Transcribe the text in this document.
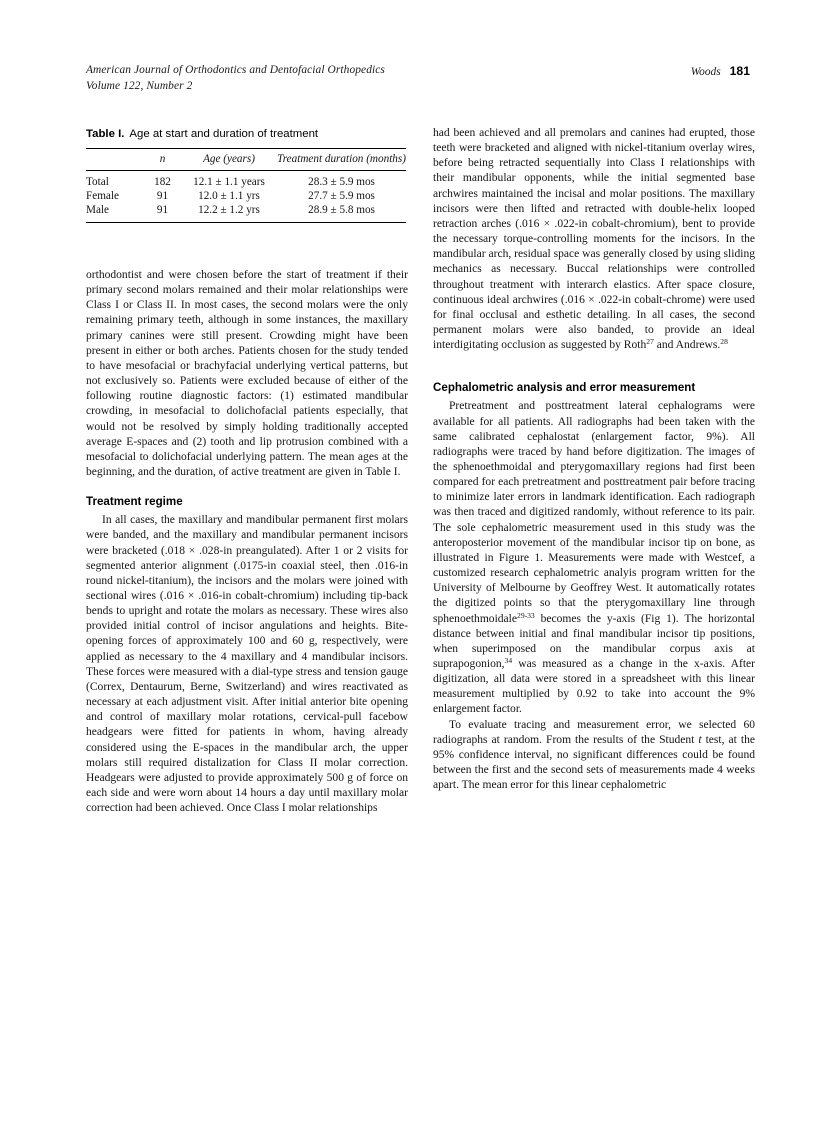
American Journal of Orthodontics and Dentofacial Orthopedics
Volume 122, Number 2
Woods 181
Table I. Age at start and duration of treatment
	n	Age (years)	Treatment duration (months)
Total	182	12.1 ± 1.1 years	28.3 ± 5.9 mos
Female	91	12.0 ± 1.1 yrs	27.7 ± 5.9 mos
Male	91	12.2 ± 1.2 yrs	28.9 ± 5.8 mos

orthodontist and were chosen before the start of treatment if their primary second molars remained and their molar relationships were Class I or Class II. In most cases, the second molars were the only remaining primary teeth, although in some instances, the maxillary primary canines were still present. Crowding might have been present in either or both arches. Patients chosen for the study tended to have mesofacial or brachyfacial underlying vertical patterns, but not exclusively so. Patients were excluded because of either of the following routine diagnostic factors: (1) estimated mandibular crowding, in mesofacial to dolichofacial patients especially, that would not be resolved by simply holding traditionally accepted average E-spaces and (2) tooth and lip protrusion combined with a mesofacial to dolichofacial underlying pattern. The mean ages at the beginning, and the duration, of active treatment are given in Table I.

Treatment regime

In all cases, the maxillary and mandibular permanent first molars were banded, and the maxillary and mandibular permanent incisors were bracketed (.018 × .028-in preangulated). After 1 or 2 visits for segmented anterior alignment (.0175-in coaxial steel, then .016-in round nickel-titanium), the incisors and the molars were joined with sectional wires (.016 × .016-in cobalt-chromium) including tip-back bends to upright and rotate the molars as necessary. These wires also provided initial control of incisor angulations and heights. Bite-opening forces of approximately 100 and 60 g, respectively, were applied as necessary to the 4 maxillary and 4 mandibular incisors. These forces were measured with a dial-type stress and tension gauge (Correx, Dentaurum, Berne, Switzerland) and wires reactivated as necessary at each adjustment visit. After initial anterior bite opening and control of maxillary molar rotations, cervical-pull facebow headgears were fitted for patients in whom, having already considered using the E-spaces in the mandibular arch, the upper molars still required distalization for Class II molar correction. Headgears were adjusted to provide approximately 500 g of force on each side and were worn about 14 hours a day until maxillary molar correction had been achieved. Once Class I molar relationships

had been achieved and all premolars and canines had erupted, those teeth were bracketed and aligned with nickel-titanium overlay wires, before being retracted sequentially into Class I relationships with their mandibular opponents, while the initial segmented base archwires maintained the incisal and molar positions. The maxillary incisors were then lifted and retracted with double-helix looped retraction arches (.016 × .022-in cobalt-chromium), bent to provide the necessary torque-controlling moments for the incisors. In the mandibular arch, residual space was generally closed by using sliding mechanics as necessary. Buccal relationships were controlled throughout treatment with interarch elastics. After space closure, continuous ideal archwires (.016 × .022-in cobalt-chrome) were used for final occlusal and esthetic detailing. In all cases, the second permanent molars were also banded, to provide an ideal interdigitating occlusion as suggested by Roth$^{27}$ and Andrews.$^{28}$

Cephalometric analysis and error measurement

Pretreatment and posttreatment lateral cephalograms were available for all patients. All radiographs had been taken with the same calibrated cephalostat (enlargement factor, 9%). All radiographs were traced by hand before digitization. The images of the sphenoethmoidal and pterygomaxillary regions had first been compared for each pretreatment and posttreatment pair before tracing to minimize later errors in landmark identification. Each radiograph was then traced and digitized randomly, without reference to its pair. The sole cephalometric measurement used in this study was the anteroposterior movement of the mandibular incisor tip on bone, as illustrated in Figure 1. Measurements were made with Westcef, a customized research cephalometric analyis program written for the University of Melbourne by Geoffrey West. It automatically rotates the digitized points so that the pterygomaxillary line through sphenoethmoidale$^{29-33}$ becomes the y-axis (Fig 1). The horizontal distance between initial and final mandibular incisor tip positions, when superimposed on the mandibular corpus axis at suprapogonion,$^{34}$ was measured as a change in the x-axis. After digitization, all data were stored in a spreadsheet with this linear measurement multiplied by 0.92 to take into account the 9% enlargement factor.

To evaluate tracing and measurement error, we selected 60 radiographs at random. From the results of the Student t test, at the 95% confidence interval, no significant differences could be found between the first and the second sets of measurements made 4 weeks apart. The mean error for this linear cephalometric
